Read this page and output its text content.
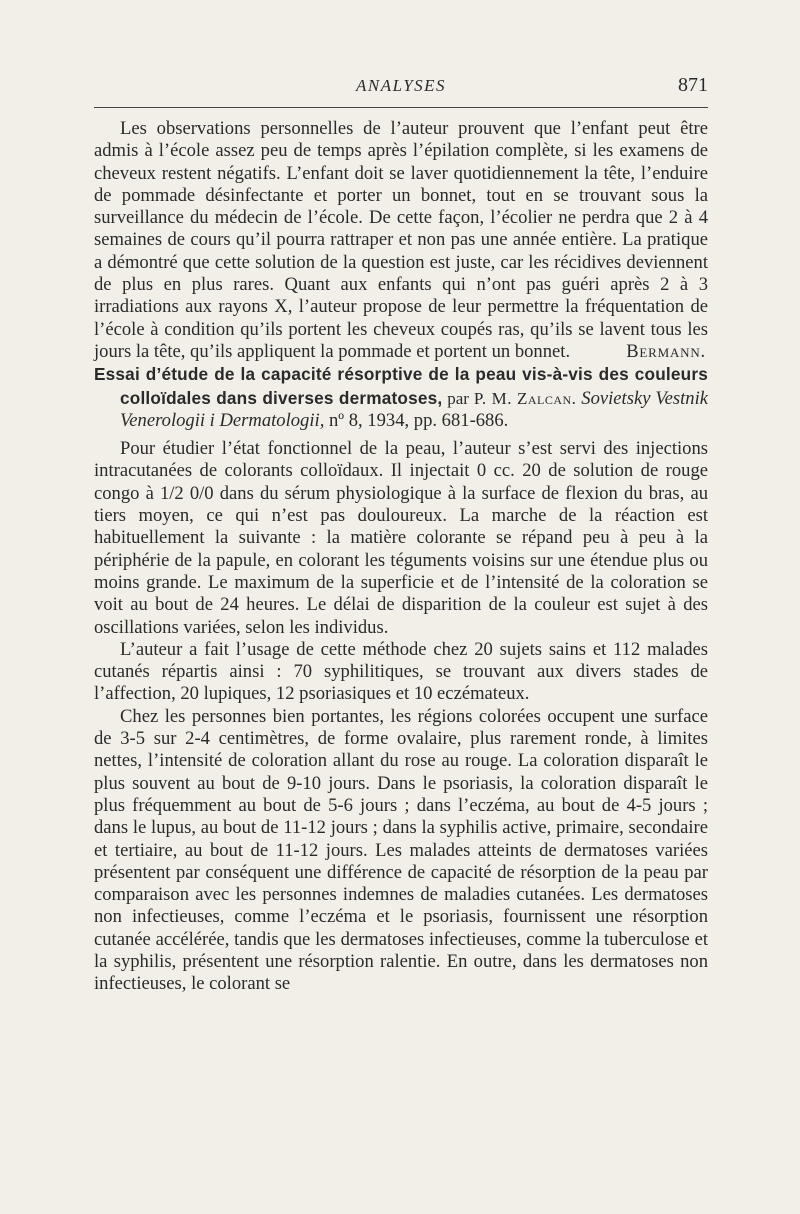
ANALYSES	871

Les observations personnelles de l’auteur prouvent que l’enfant peut être admis à l’école assez peu de temps après l’épilation complète, si les examens de cheveux restent négatifs. L’enfant doit se laver quotidiennement la tête, l’enduire de pommade désinfectante et porter un bonnet, tout en se trouvant sous la surveillance du médecin de l’école. De cette façon, l’écolier ne perdra que 2 à 4 semaines de cours qu’il pourra rattraper et non pas une année entière. La pratique a démontré que cette solution de la question est juste, car les récidives deviennent de plus en plus rares. Quant aux enfants qui n’ont pas guéri après 2 à 3 irradiations aux rayons X, l’auteur propose de leur permettre la fréquentation de l’école à condition qu’ils portent les cheveux coupés ras, qu’ils se lavent tous les jours la tête, qu’ils appliquent la pommade et portent un bonnet.	Bermann.

Essai d’étude de la capacité résorptive de la peau vis-à-vis des couleurs colloïdales dans diverses dermatoses, par P. M. Zalcan. Sovietsky Vestnik Venerologii i Dermatologii, nº 8, 1934, pp. 681-686.

Pour étudier l’état fonctionnel de la peau, l’auteur s’est servi des injections intracutanées de colorants colloïdaux. Il injectait 0 cc. 20 de solution de rouge congo à 1/2 0/0 dans du sérum physiologique à la surface de flexion du bras, au tiers moyen, ce qui n’est pas douloureux. La marche de la réaction est habituellement la suivante : la matière colorante se répand peu à peu à la périphérie de la papule, en colorant les téguments voisins sur une étendue plus ou moins grande. Le maximum de la superficie et de l’intensité de la coloration se voit au bout de 24 heures. Le délai de disparition de la couleur est sujet à des oscillations variées, selon les individus.

L’auteur a fait l’usage de cette méthode chez 20 sujets sains et 112 malades cutanés répartis ainsi : 70 syphilitiques, se trouvant aux divers stades de l’affection, 20 lupiques, 12 psoriasiques et 10 eczémateux.

Chez les personnes bien portantes, les régions colorées occupent une surface de 3-5 sur 2-4 centimètres, de forme ovalaire, plus rarement ronde, à limites nettes, l’intensité de coloration allant du rose au rouge. La coloration disparaît le plus souvent au bout de 9-10 jours. Dans le psoriasis, la coloration disparaît le plus fréquemment au bout de 5-6 jours ; dans l’eczéma, au bout de 4-5 jours ; dans le lupus, au bout de 11-12 jours ; dans la syphilis active, primaire, secondaire et tertiaire, au bout de 11-12 jours. Les malades atteints de dermatoses variées présentent par conséquent une différence de capacité de résorption de la peau par comparaison avec les personnes indemnes de maladies cutanées. Les dermatoses non infectieuses, comme l’eczéma et le psoriasis, fournissent une résorption cutanée accélérée, tandis que les dermatoses infectieuses, comme la tuberculose et la syphilis, présentent une résorption ralentie. En outre, dans les dermatoses non infectieuses, le colorant se
